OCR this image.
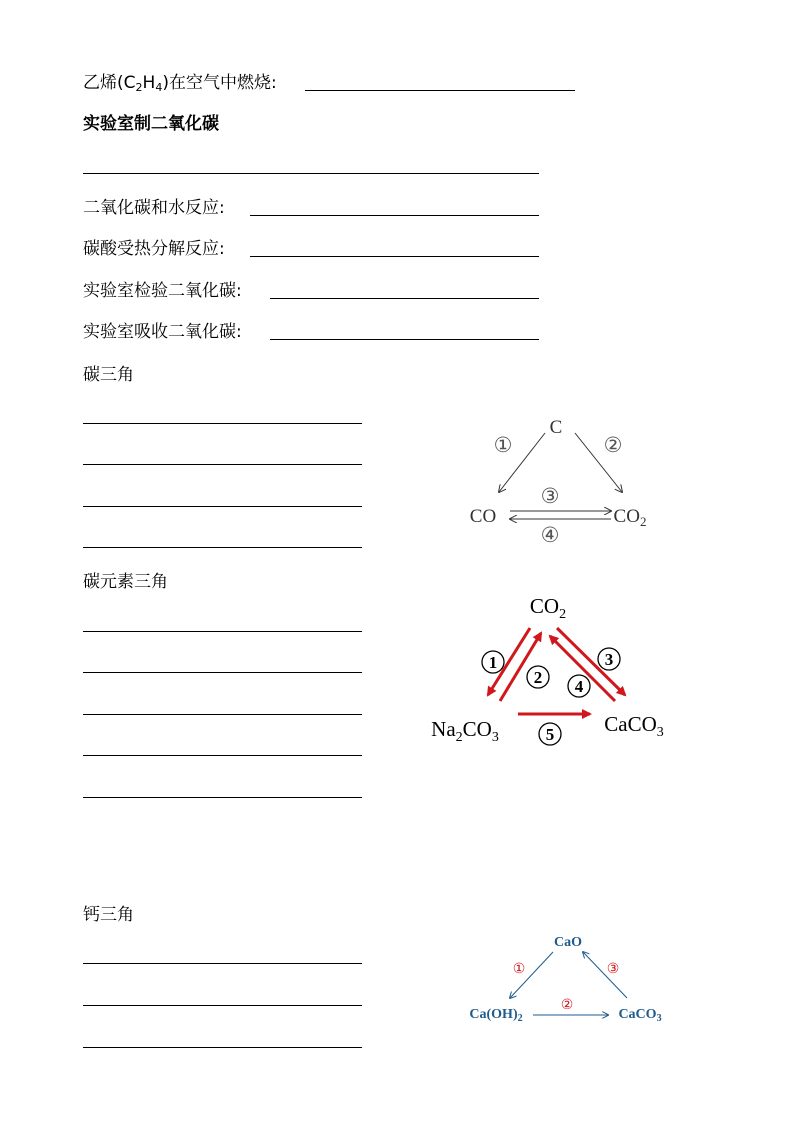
乙烯$(C_2H_4)$在空气中燃烧:
实验室制二氧化碳
二氧化碳和水反应:
碳酸受热分解反应:
实验室检验二氧化碳:
实验室吸收二氧化碳:
碳三角
C
①	②
CO	$CO_2$
③
④
碳元素三角
$CO_2$
1
2
3
4
5
$Na_2CO_3$
CaCO$_3$
钙三角
CaO
①
②
③
$Ca(OH)_2$	CaCO$_3$
